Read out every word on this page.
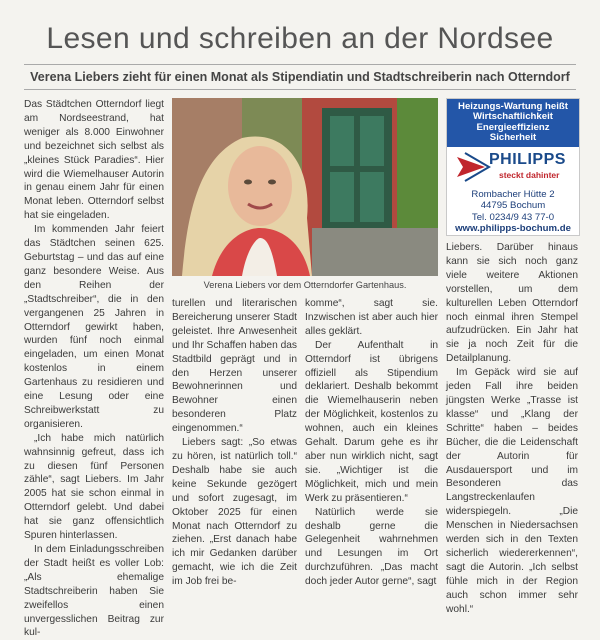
Lesen und schreiben an der Nordsee
Verena Liebers zieht für einen Monat als Stipendiatin und Stadtschreiberin nach Otterndorf

Das Städtchen Otterndorf liegt am Nordseestrand, hat weniger als 8.000 Einwohner und bezeichnet sich selbst als „kleines Stück Paradies“. Hier wird die Wiemelhauser Autorin in genau einem Jahr für einen Monat leben. Otterndorf selbst hat sie eingeladen.

Im kommenden Jahr feiert das Städtchen seinen 625. Geburtstag – und das auf eine ganz besondere Weise. Aus den Reihen der „Stadtschreiber“, die in den vergangenen 25 Jahren in Otterndorf gewirkt haben, wurden fünf noch einmal eingeladen, um einen Monat kostenlos in einem Gartenhaus zu residieren und eine Lesung oder eine Schreibwerkstatt zu organisieren.

„Ich habe mich natürlich wahnsinnig gefreut, dass ich zu diesen fünf Personen zähle“, sagt Liebers. Im Jahr 2005 hat sie schon einmal in Otterndorf gelebt. Und dabei hat sie ganz offensichtlich Spuren hinterlassen.

In dem Einladungsschreiben der Stadt heißt es voller Lob: „Als ehemalige Stadtschreiberin haben Sie zweifellos einen unvergesslichen Beitrag zur kul-

Verena Liebers vor dem Otterndorfer Gartenhaus.
Heizungs-Wartung heißt
Wirtschaftlichkeit
Energieeffizienz
Sicherheit
PHILIPPS
steckt dahinter
Rombacher Hütte 2
44795 Bochum
Tel. 0234/9 43 77-0
www.philipps-bochum.de

turellen und literarischen Bereicherung unserer Stadt geleistet. Ihre Anwesenheit und Ihr Schaffen haben das Stadtbild geprägt und in den Herzen unserer Bewohnerinnen und Bewohner einen besonderen Platz eingenommen.“

Liebers sagt: „So etwas zu hören, ist natürlich toll.“ Deshalb habe sie auch keine Sekunde gezögert und sofort zugesagt, im Oktober 2025 für einen Monat nach Otterndorf zu ziehen. „Erst danach habe ich mir Gedanken darüber gemacht, wie ich die Zeit im Job frei be-

komme“, sagt sie. Inzwischen ist aber auch hier alles geklärt.

Der Aufenthalt in Otterndorf ist übrigens offiziell als Stipendium deklariert. Deshalb bekommt die Wiemelhauserin neben der Möglichkeit, kostenlos zu wohnen, auch ein kleines Gehalt. Darum gehe es ihr aber nun wirklich nicht, sagt sie. „Wichtiger ist die Möglichkeit, mich und mein Werk zu präsentieren.“

Natürlich werde sie deshalb gerne die Gelegenheit wahrnehmen und Lesungen im Ort durchzuführen. „Das macht doch jeder Autor gerne“, sagt

Liebers. Darüber hinaus kann sie sich noch ganz viele weitere Aktionen vorstellen, um dem kulturellen Leben Otterndorf noch einmal ihren Stempel aufzudrücken. Ein Jahr hat sie ja noch Zeit für die Detailplanung.

Im Gepäck wird sie auf jeden Fall ihre beiden jüngsten Werke „Trasse ist klasse“ und „Klang der Schritte“ haben – beides Bücher, die die Leidenschaft der Autorin für Ausdauersport und im Besonderen das Langstreckenlaufen widerspiegeln. „Die Menschen in Niedersachsen werden sich in den Texten sicherlich wiedererkennen“, sagt die Autorin. „Ich selbst fühle mich in der Region auch schon immer sehr wohl.“
